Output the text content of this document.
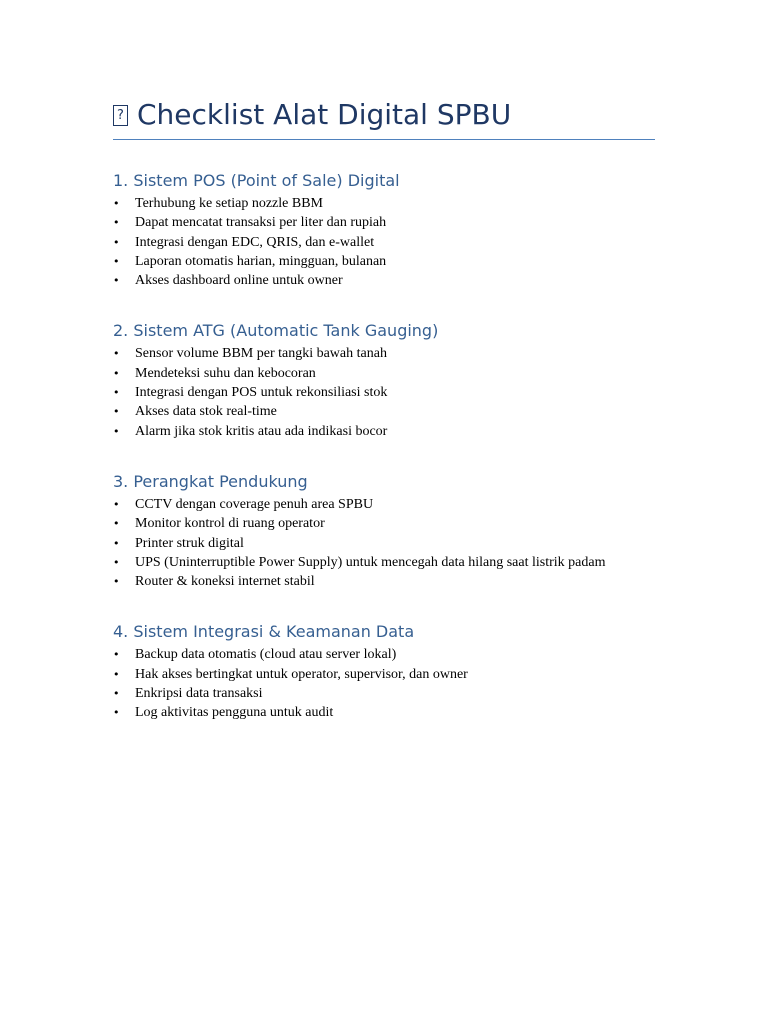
? Checklist Alat Digital SPBU
1. Sistem POS (Point of Sale) Digital
• Terhubung ke setiap nozzle BBM
• Dapat mencatat transaksi per liter dan rupiah
• Integrasi dengan EDC, QRIS, dan e-wallet
• Laporan otomatis harian, mingguan, bulanan
• Akses dashboard online untuk owner
2. Sistem ATG (Automatic Tank Gauging)
• Sensor volume BBM per tangki bawah tanah
• Mendeteksi suhu dan kebocoran
• Integrasi dengan POS untuk rekonsiliasi stok
• Akses data stok real-time
• Alarm jika stok kritis atau ada indikasi bocor
3. Perangkat Pendukung
• CCTV dengan coverage penuh area SPBU
• Monitor kontrol di ruang operator
• Printer struk digital
• UPS (Uninterruptible Power Supply) untuk mencegah data hilang saat listrik padam
• Router & koneksi internet stabil
4. Sistem Integrasi & Keamanan Data
• Backup data otomatis (cloud atau server lokal)
• Hak akses bertingkat untuk operator, supervisor, dan owner
• Enkripsi data transaksi
• Log aktivitas pengguna untuk audit
